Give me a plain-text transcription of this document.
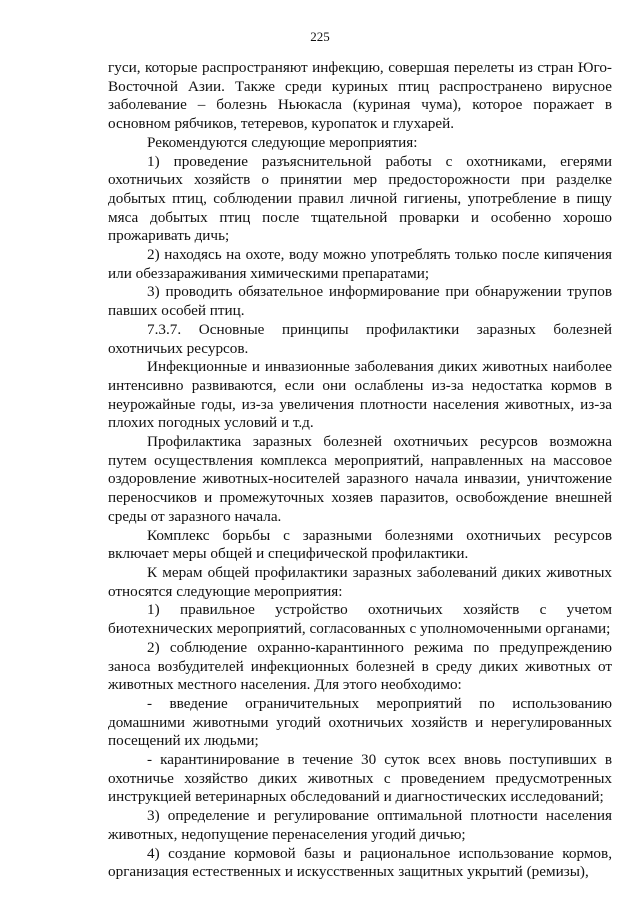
225

гуси, которые распространяют инфекцию, совершая перелеты из стран Юго-Восточной Азии. Также среди куриных птиц распространено вирусное заболевание – болезнь Ньюкасла (куриная чума), которое поражает в основном рябчиков, тетеревов, куропаток и глухарей.

Рекомендуются следующие мероприятия:

1) проведение разъяснительной работы с охотниками, егерями охотничьих хозяйств о принятии мер предосторожности при разделке добытых птиц, соблюдении правил личной гигиены, употребление в пищу мяса добытых птиц после тщательной проварки и особенно хорошо прожаривать дичь;

2) находясь на охоте, воду можно употреблять только после кипячения или обеззараживания химическими препаратами;

3) проводить обязательное информирование при обнаружении трупов павших особей птиц.

7.3.7. Основные принципы профилактики заразных болезней охотничьих ресурсов.

Инфекционные и инвазионные заболевания диких животных наиболее интенсивно развиваются, если они ослаблены из-за недостатка кормов в неурожайные годы, из-за увеличения плотности населения животных, из-за плохих погодных условий и т.д.

Профилактика заразных болезней охотничьих ресурсов возможна путем осуществления комплекса мероприятий, направленных на массовое оздоровление животных-носителей заразного начала инвазии, уничтожение переносчиков и промежуточных хозяев паразитов, освобождение внешней среды от заразного начала.

Комплекс борьбы с заразными болезнями охотничьих ресурсов включает меры общей и специфической профилактики.

К мерам общей профилактики заразных заболеваний диких животных относятся следующие мероприятия:

1) правильное устройство охотничьих хозяйств с учетом биотехнических мероприятий, согласованных с уполномоченными органами;

2) соблюдение охранно-карантинного режима по предупреждению заноса возбудителей инфекционных болезней в среду диких животных от животных местного населения. Для этого необходимо:

- введение ограничительных мероприятий по использованию домашними животными угодий охотничьих хозяйств и нерегулированных посещений их людьми;

- карантинирование в течение 30 суток всех вновь поступивших в охотничье хозяйство диких животных с проведением предусмотренных инструкцией ветеринарных обследований и диагностических исследований;

3) определение и регулирование оптимальной плотности населения животных, недопущение перенаселения угодий дичью;

4) создание кормовой базы и рациональное использование кормов, организация естественных и искусственных защитных укрытий (ремизы),
